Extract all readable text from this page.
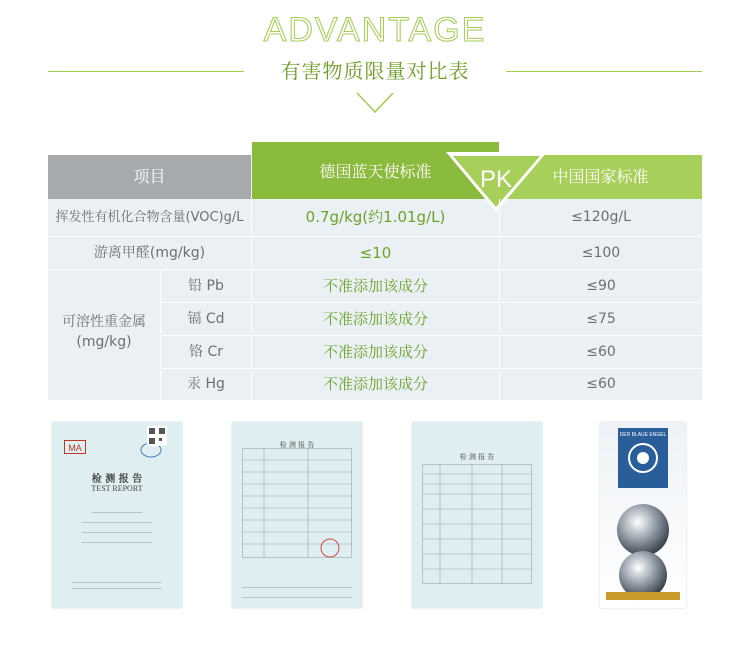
ADVANTAGE
有害物质限量对比表
项目	德国蓝天使标准	中国国家标准
PK
挥发性有机化合物含量(VOC)g/L	0.7g/kg(约1.01g/L)	≤120g/L
游离甲醛(mg/kg)	≤10	≤100
可溶性重金属
(mg/kg)
铅 Pb	不准添加该成分	≤90
镉 Cd	不准添加该成分	≤75
铬 Cr	不准添加该成分	≤60
汞 Hg	不准添加该成分	≤60
MA
检 测 报 告
TEST REPORT
检 测 报 告
检 测 报 告
DER BLAUE ENGEL
